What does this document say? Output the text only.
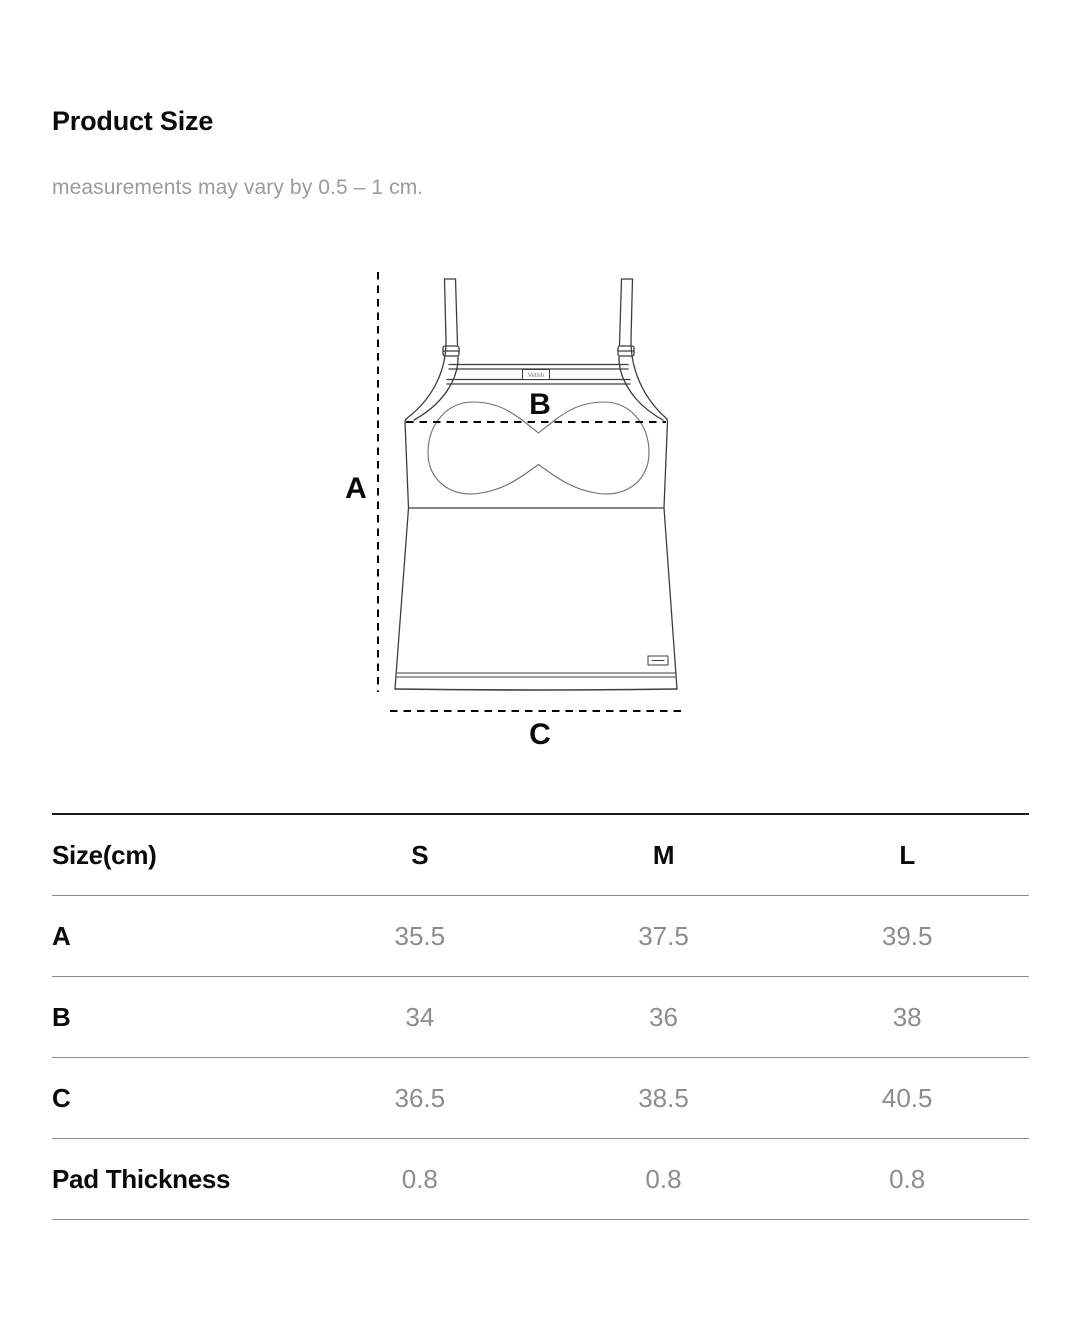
Product Size

measurements may vary by 0.5 – 1 cm.

Vetish
A
B
C
Size(cm)	S	M	L
A	35.5	37.5	39.5
B	34	36	38
C	36.5	38.5	40.5
Pad Thickness	0.8	0.8	0.8
